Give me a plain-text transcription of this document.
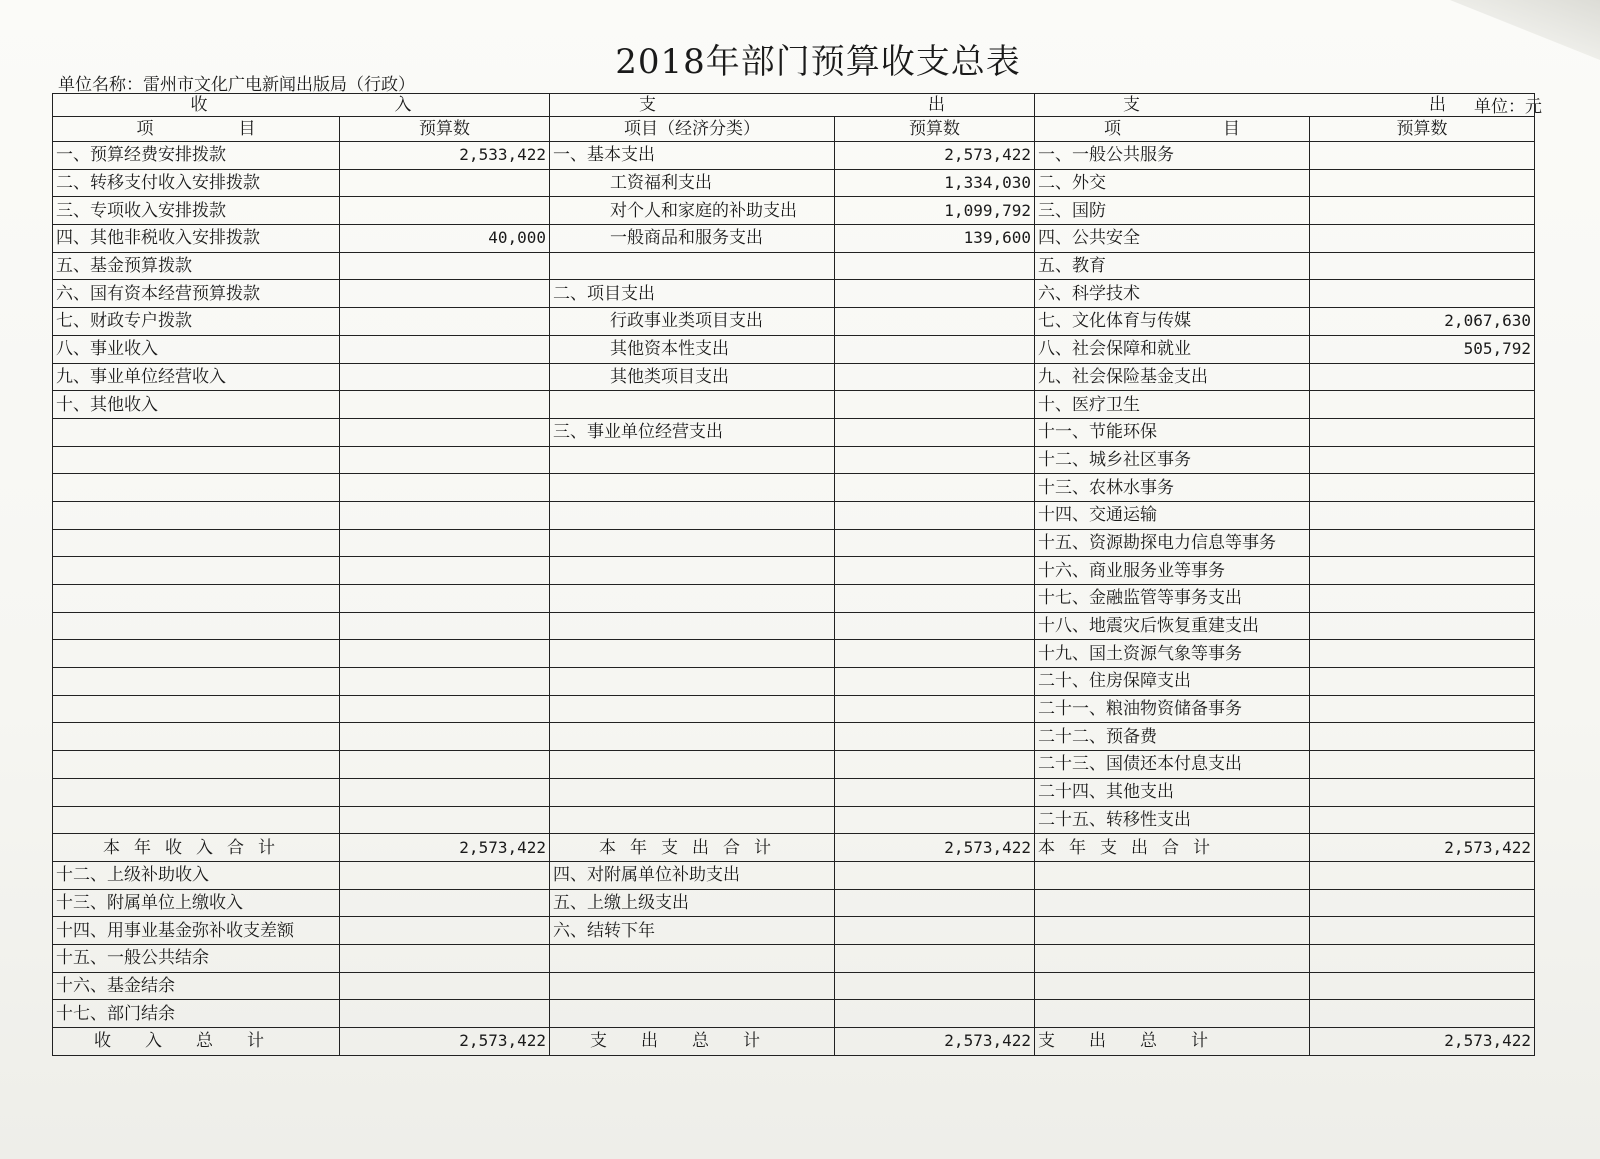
2018年部门预算收支总表
单位名称：雷州市文化广电新闻出版局（行政）
单位：元
收　　　　　　　　　　　入		支　　　　　　　　　　　　　　　　出		支　　　　　　　　　　　　　　　　　出	
项　　　　　目	预算数	项目（经济分类）	预算数	项　　　　　　目	预算数
一、预算经费安排拨款	2,533,422	一、基本支出	2,573,422	一、一般公共服务	
二、转移支付收入安排拨款		工资福利支出	1,334,030	二、外交	
三、专项收入安排拨款		对个人和家庭的补助支出	1,099,792	三、国防	
四、其他非税收入安排拨款	40,000	一般商品和服务支出	139,600	四、公共安全	
五、基金预算拨款				五、教育	
六、国有资本经营预算拨款		二、项目支出		六、科学技术	
七、财政专户拨款		行政事业类项目支出		七、文化体育与传媒	2,067,630
八、事业收入		其他资本性支出		八、社会保障和就业	505,792
九、事业单位经营收入		其他类项目支出		九、社会保险基金支出	
十、其他收入				十、医疗卫生	
		三、事业单位经营支出		十一、节能环保	
				十二、城乡社区事务	
				十三、农林水事务	
				十四、交通运输	
				十五、资源勘探电力信息等事务	
				十六、商业服务业等事务	
				十七、金融监管等事务支出	
				十八、地震灾后恢复重建支出	
				十九、国土资源气象等事务	
				二十、住房保障支出	
				二十一、粮油物资储备事务	
				二十二、预备费	
				二十三、国债还本付息支出	
				二十四、其他支出	
				二十五、转移性支出	
本年收入合计	2,573,422	本年支出合计	2,573,422	本年支出合计	2,573,422
十二、上级补助收入		四、对附属单位补助支出			
十三、附属单位上缴收入		五、上缴上级支出			
十四、用事业基金弥补收支差额		六、结转下年			
十五、一般公共结余					
十六、基金结余					
十七、部门结余					
收入总计	2,573,422	支出总计	2,573,422	支出总计	2,573,422
